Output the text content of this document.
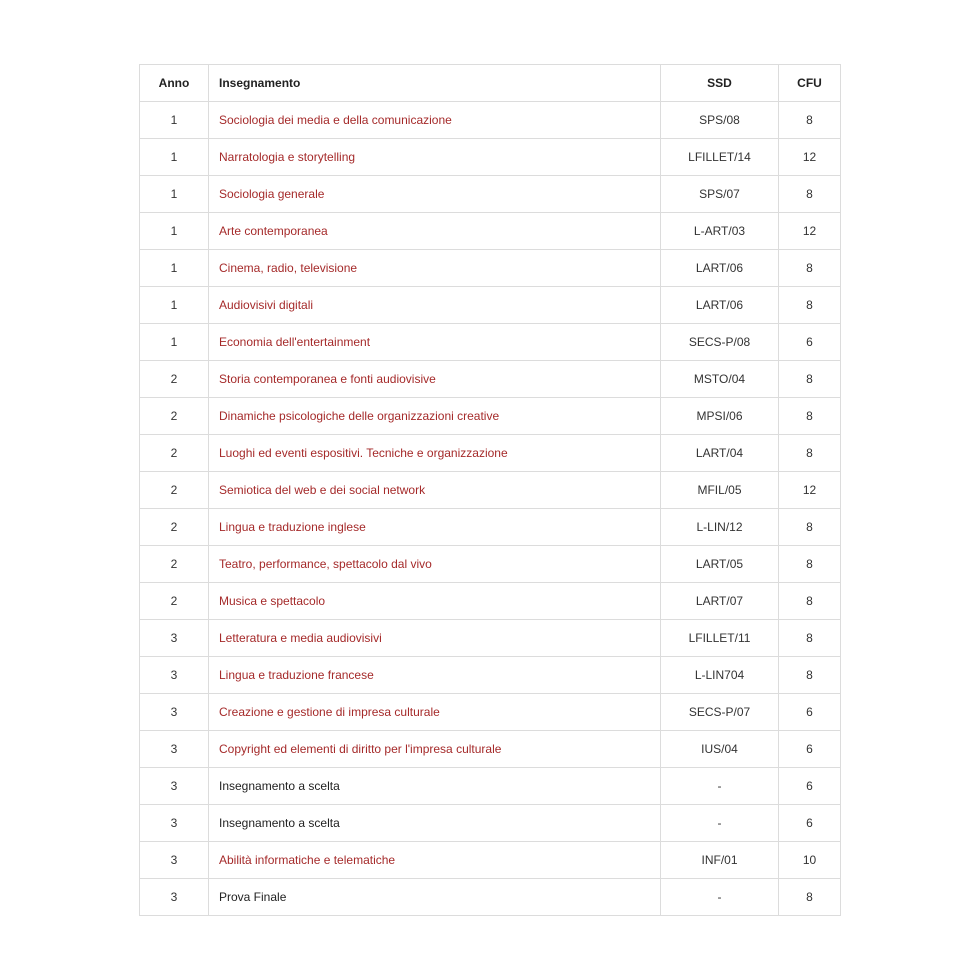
Anno	Insegnamento	SSD	CFU
1	Sociologia dei media e della comunicazione	SPS/08	8
1	Narratologia e storytelling	LFILLET/14	12
1	Sociologia generale	SPS/07	8
1	Arte contemporanea	L-ART/03	12
1	Cinema, radio, televisione	LART/06	8
1	Audiovisivi digitali	LART/06	8
1	Economia dell'entertainment	SECS-P/08	6
2	Storia contemporanea e fonti audiovisive	MSTO/04	8
2	Dinamiche psicologiche delle organizzazioni creative	MPSI/06	8
2	Luoghi ed eventi espositivi. Tecniche e organizzazione	LART/04	8
2	Semiotica del web e dei social network	MFIL/05	12
2	Lingua e traduzione inglese	L-LIN/12	8
2	Teatro, performance, spettacolo dal vivo	LART/05	8
2	Musica e spettacolo	LART/07	8
3	Letteratura e media audiovisivi	LFILLET/11	8
3	Lingua e traduzione francese	L-LIN704	8
3	Creazione e gestione di impresa culturale	SECS-P/07	6
3	Copyright ed elementi di diritto per l'impresa culturale	IUS/04	6
3	Insegnamento a scelta	-	6
3	Insegnamento a scelta	-	6
3	Abilità informatiche e telematiche	INF/01	10
3	Prova Finale	-	8
